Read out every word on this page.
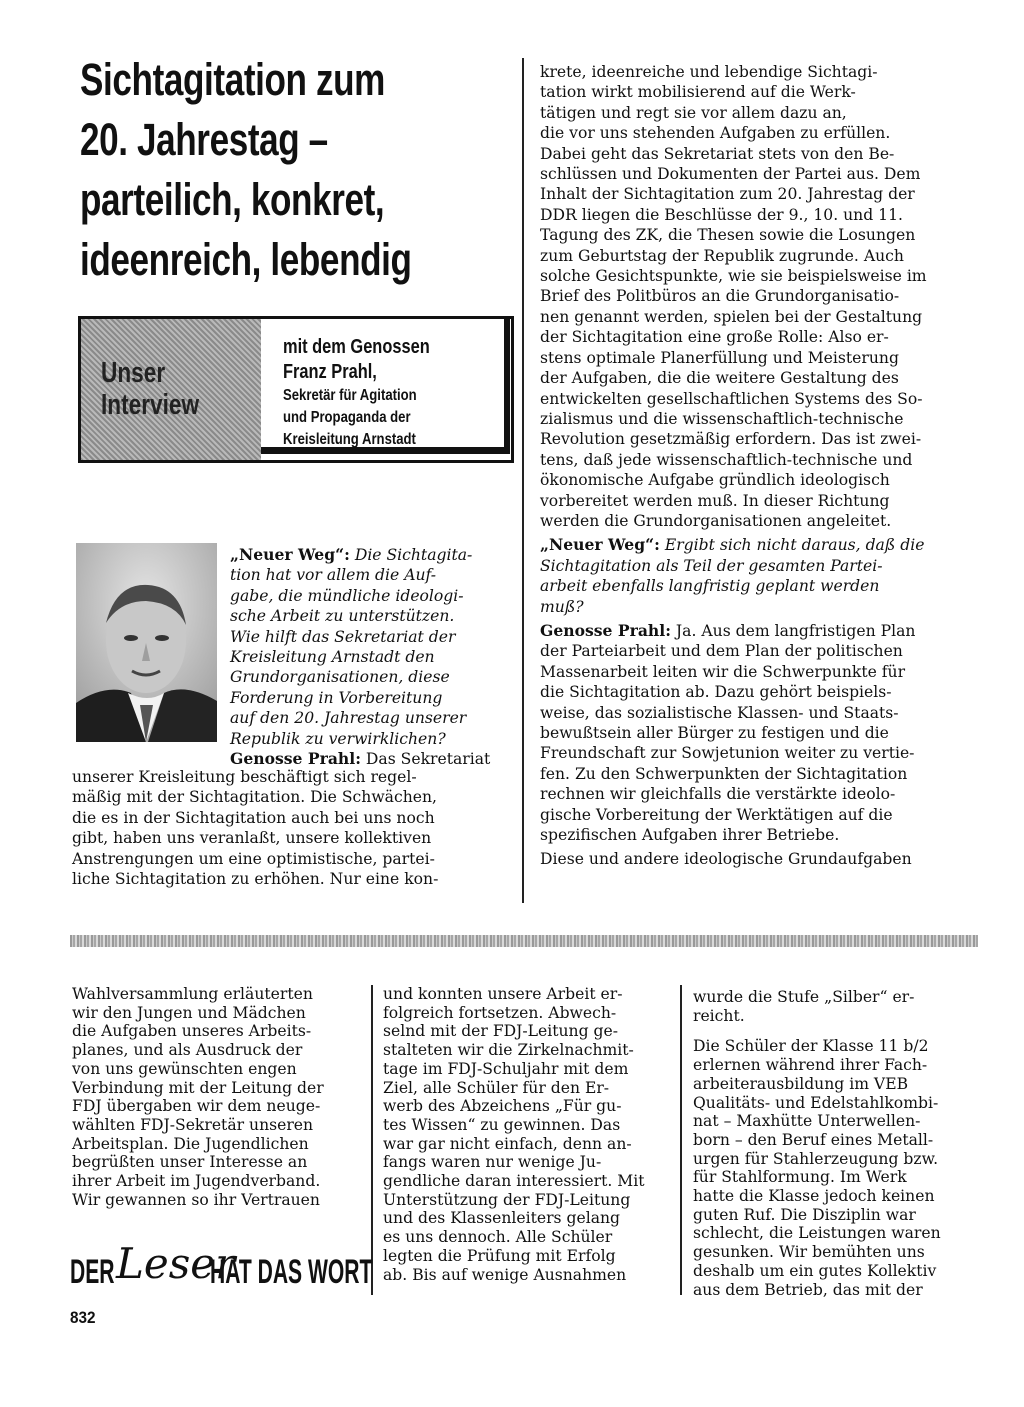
Sichtagitation zum
20. Jahrestag –
parteilich, konkret,
ideenreich, lebendig
Unser
Interview
mit dem Genossen
Franz Prahl,
Sekretär für Agitation
und Propaganda der
Kreisleitung Arnstadt

„Neuer Weg“: Die Sichtagita-

tion hat vor allem die Auf-

gabe, die mündliche ideologi-

sche Arbeit zu unterstützen.

Wie hilft das Sekretariat der

Kreisleitung Arnstadt den

Grundorganisationen, diese

Forderung in Vorbereitung

auf den 20. Jahrestag unserer

Republik zu verwirklichen?

Genosse Prahl: Das Sekretariat

unserer Kreisleitung beschäftigt sich regel-

mäßig mit der Sichtagitation. Die Schwächen,

die es in der Sichtagitation auch bei uns noch

gibt, haben uns veranlaßt, unsere kollektiven

Anstrengungen um eine optimistische, partei-

liche Sichtagitation zu erhöhen. Nur eine kon-

krete, ideenreiche und lebendige Sichtagi-

tation wirkt mobilisierend auf die Werk-

tätigen und regt sie vor allem dazu an,

die vor uns stehenden Aufgaben zu erfüllen.

Dabei geht das Sekretariat stets von den Be-

schlüssen und Dokumenten der Partei aus. Dem

Inhalt der Sichtagitation zum 20. Jahrestag der

DDR liegen die Beschlüsse der 9., 10. und 11.

Tagung des ZK, die Thesen sowie die Losungen

zum Geburtstag der Republik zugrunde. Auch

solche Gesichtspunkte, wie sie beispielsweise im

Brief des Politbüros an die Grundorganisatio-

nen genannt werden, spielen bei der Gestaltung

der Sichtagitation eine große Rolle: Also er-

stens optimale Planerfüllung und Meisterung

der Aufgaben, die die weitere Gestaltung des

entwickelten gesellschaftlichen Systems des So-

zialismus und die wissenschaftlich-technische

Revolution gesetzmäßig erfordern. Das ist zwei-

tens, daß jede wissenschaftlich-technische und

ökonomische Aufgabe gründlich ideologisch

vorbereitet werden muß. In dieser Richtung

werden die Grundorganisationen angeleitet.

„Neuer Weg“: Ergibt sich nicht daraus, daß die

Sichtagitation als Teil der gesamten Partei-

arbeit ebenfalls langfristig geplant werden

muß?

Genosse Prahl: Ja. Aus dem langfristigen Plan

der Parteiarbeit und dem Plan der politischen

Massenarbeit leiten wir die Schwerpunkte für

die Sichtagitation ab. Dazu gehört beispiels-

weise, das sozialistische Klassen- und Staats-

bewußtsein aller Bürger zu festigen und die

Freundschaft zur Sowjetunion weiter zu vertie-

fen. Zu den Schwerpunkten der Sichtagitation

rechnen wir gleichfalls die verstärkte ideolo-

gische Vorbereitung der Werktätigen auf die

spezifischen Aufgaben ihrer Betriebe.

Diese und andere ideologische Grundaufgaben

Wahlversammlung erläuterten

wir den Jungen und Mädchen

die Aufgaben unseres Arbeits-

planes, und als Ausdruck der

von uns gewünschten engen

Verbindung mit der Leitung der

FDJ übergaben wir dem neuge-

wählten FDJ-Sekretär unseren

Arbeitsplan. Die Jugendlichen

begrüßten unser Interesse an

ihrer Arbeit im Jugendverband.

Wir gewannen so ihr Vertrauen

und konnten unsere Arbeit er-

folgreich fortsetzen. Abwech-

selnd mit der FDJ-Leitung ge-

stalteten wir die Zirkelnachmit-

tage im FDJ-Schuljahr mit dem

Ziel, alle Schüler für den Er-

werb des Abzeichens „Für gu-

tes Wissen“ zu gewinnen. Das

war gar nicht einfach, denn an-

fangs waren nur wenige Ju-

gendliche daran interessiert. Mit

Unterstützung der FDJ-Leitung

und des Klassenleiters gelang

es uns dennoch. Alle Schüler

legten die Prüfung mit Erfolg

ab. Bis auf wenige Ausnahmen

wurde die Stufe „Silber“ er-

reicht.

Die Schüler der Klasse 11 b/2

erlernen während ihrer Fach-

arbeiterausbildung im VEB

Qualitäts- und Edelstahlkombi-

nat – Maxhütte Unterwellen-

born – den Beruf eines Metall-

urgen für Stahlerzeugung bzw.

für Stahlformung. Im Werk

hatte die Klasse jedoch keinen

guten Ruf. Die Disziplin war

schlecht, die Leistungen waren

gesunken. Wir bemühten uns

deshalb um ein gutes Kollektiv

aus dem Betrieb, das mit der

DER Leser
HAT DAS WORT
832
